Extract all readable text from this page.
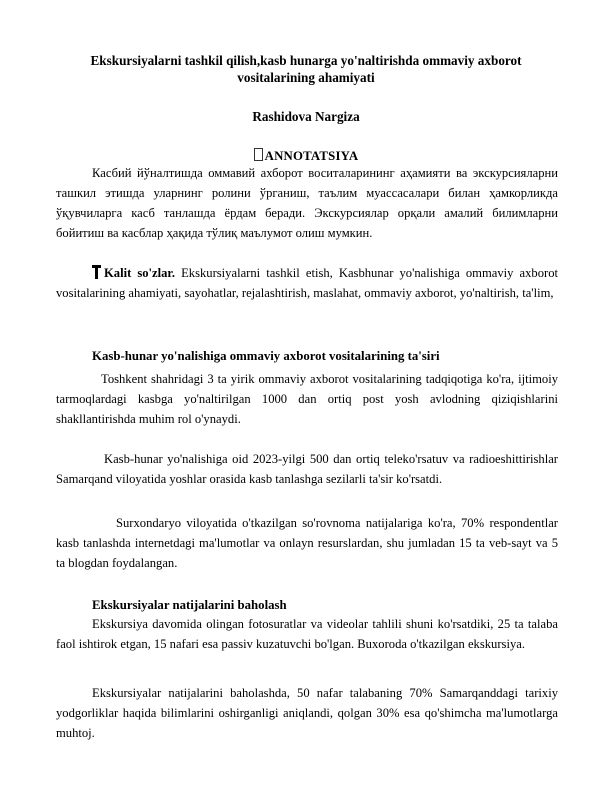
Ekskursiyalarni tashkil qilish,kasb hunarga yo'naltirishda ommaviy axborot vositalarining ahamiyati
Rashidova Nargiza
ANNOTATSIYA

Касбий йўналтишда оммавий ахборот воситаларининг аҳамияти ва экскурсияларни ташкил этишда уларнинг ролини ўрганиш, таълим муассасалари билан ҳамкорликда ўқувчиларга касб танлашда ёрдам беради. Экскурсиялар орқали амалий билимларни бойитиш ва касблар ҳақида тўлиқ маълумот олиш мумкин.

Kalit so'zlar. Ekskursiyalarni tashkil etish, Kasbhunar yo'nalishiga ommaviy axborot vositalarining ahamiyati, sayohatlar, rejalashtirish, maslahat, ommaviy axborot, yo'naltirish, ta'lim,

Kasb-hunar yo'nalishiga ommaviy axborot vositalarining ta'siri

Toshkent shahridagi 3 ta yirik ommaviy axborot vositalarining tadqiqotiga ko'ra, ijtimoiy tarmoqlardagi kasbga yo'naltirilgan 1000 dan ortiq post yosh avlodning qiziqishlarini shakllantirishda muhim rol o'ynaydi.

Kasb-hunar yo'nalishiga oid 2023-yilgi 500 dan ortiq teleko'rsatuv va radioeshittirishlar Samarqand viloyatida yoshlar orasida kasb tanlashga sezilarli ta'sir ko'rsatdi.

Surxondaryo viloyatida o'tkazilgan so'rovnoma natijalariga ko'ra, 70% respondentlar kasb tanlashda internetdagi ma'lumotlar va onlayn resurslardan, shu jumladan 15 ta veb-sayt va 5 ta blogdan foydalangan.

Ekskursiyalar natijalarini baholash

Ekskursiya davomida olingan fotosuratlar va videolar tahlili shuni ko'rsatdiki, 25 ta talaba faol ishtirok etgan, 15 nafari esa passiv kuzatuvchi bo'lgan. Buxoroda o'tkazilgan ekskursiya.

Ekskursiyalar natijalarini baholashda, 50 nafar talabaning 70% Samarqanddagi tarixiy yodgorliklar haqida bilimlarini oshirganligi aniqlandi, qolgan 30% esa qo'shimcha ma'lumotlarga muhtoj.
